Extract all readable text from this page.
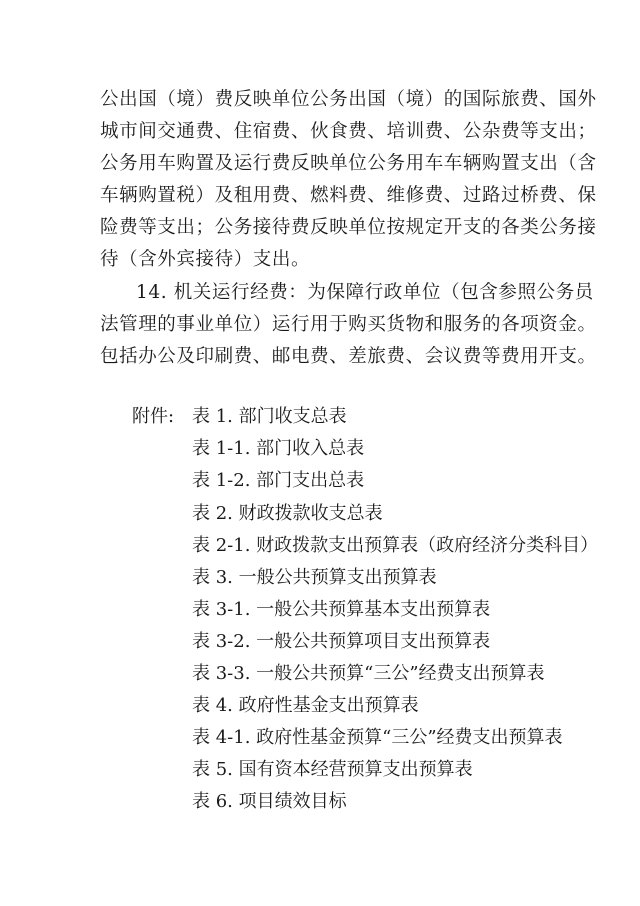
公出国（境）费反映单位公务出国（境）的国际旅费、国外
城市间交通费、住宿费、伙食费、培训费、公杂费等支出；
公务用车购置及运行费反映单位公务用车车辆购置支出（含
车辆购置税）及租用费、燃料费、维修费、过路过桥费、保
险费等支出；公务接待费反映单位按规定开支的各类公务接
待（含外宾接待）支出。
14. 机关运行经费：为保障行政单位（包含参照公务员
法管理的事业单位）运行用于购买货物和服务的各项资金。
包括办公及印刷费、邮电费、差旅费、会议费等费用开支。
附件: 表 1. 部门收支总表
表 1-1. 部门收入总表
表 1-2. 部门支出总表
表 2. 财政拨款收支总表
表 2-1. 财政拨款支出预算表（政府经济分类科目）
表 3. 一般公共预算支出预算表
表 3-1. 一般公共预算基本支出预算表
表 3-2. 一般公共预算项目支出预算表
表 3-3. 一般公共预算“三公”经费支出预算表
表 4. 政府性基金支出预算表
表 4-1. 政府性基金预算“三公”经费支出预算表
表 5. 国有资本经营预算支出预算表
表 6. 项目绩效目标
